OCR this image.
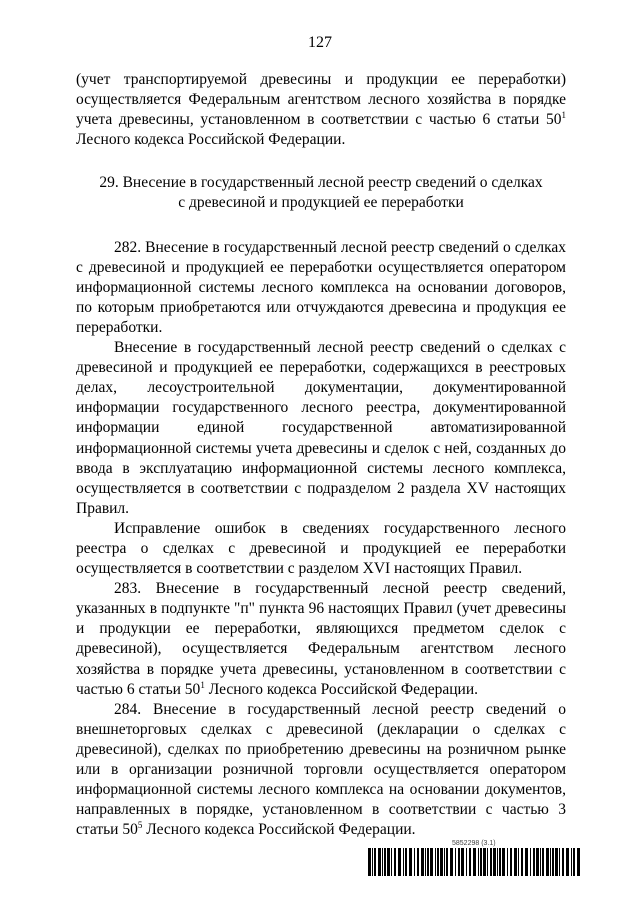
127

(учет транспортируемой древесины и продукции ее переработки) осуществляется Федеральным агентством лесного хозяйства в порядке учета древесины, установленном в соответствии с частью 6 статьи $50^1$ Лесного кодекса Российской Федерации.

29. Внесение в государственный лесной реестр сведений о сделках
с древесиной и продукцией ее переработки

282. Внесение в государственный лесной реестр сведений о сделках с древесиной и продукцией ее переработки осуществляется оператором информационной системы лесного комплекса на основании договоров, по которым приобретаются или отчуждаются древесина и продукция ее переработки.

Внесение в государственный лесной реестр сведений о сделках с древесиной и продукцией ее переработки, содержащихся в реестровых делах, лесоустроительной документации, документированной информации государственного лесного реестра, документированной информации единой государственной автоматизированной информационной системы учета древесины и сделок с ней, созданных до ввода в эксплуатацию информационной системы лесного комплекса, осуществляется в соответствии с подразделом 2 раздела XV настоящих Правил.

Исправление ошибок в сведениях государственного лесного реестра о сделках с древесиной и продукцией ее переработки осуществляется в соответствии с разделом XVI настоящих Правил.

283. Внесение в государственный лесной реестр сведений, указанных в подпункте "п" пункта 96 настоящих Правил (учет древесины и продукции ее переработки, являющихся предметом сделок с древесиной), осуществляется Федеральным агентством лесного хозяйства в порядке учета древесины, установленном в соответствии с частью 6 статьи $50^1$ Лесного кодекса Российской Федерации.

284. Внесение в государственный лесной реестр сведений о внешнеторговых сделках с древесиной (декларации о сделках с древесиной), сделках по приобретению древесины на розничном рынке или в организации розничной торговли осуществляется оператором информационной системы лесного комплекса на основании документов, направленных в порядке, установленном в соответствии с частью 3 статьи $50^5$ Лесного кодекса Российской Федерации.

5852298 (3.1)
